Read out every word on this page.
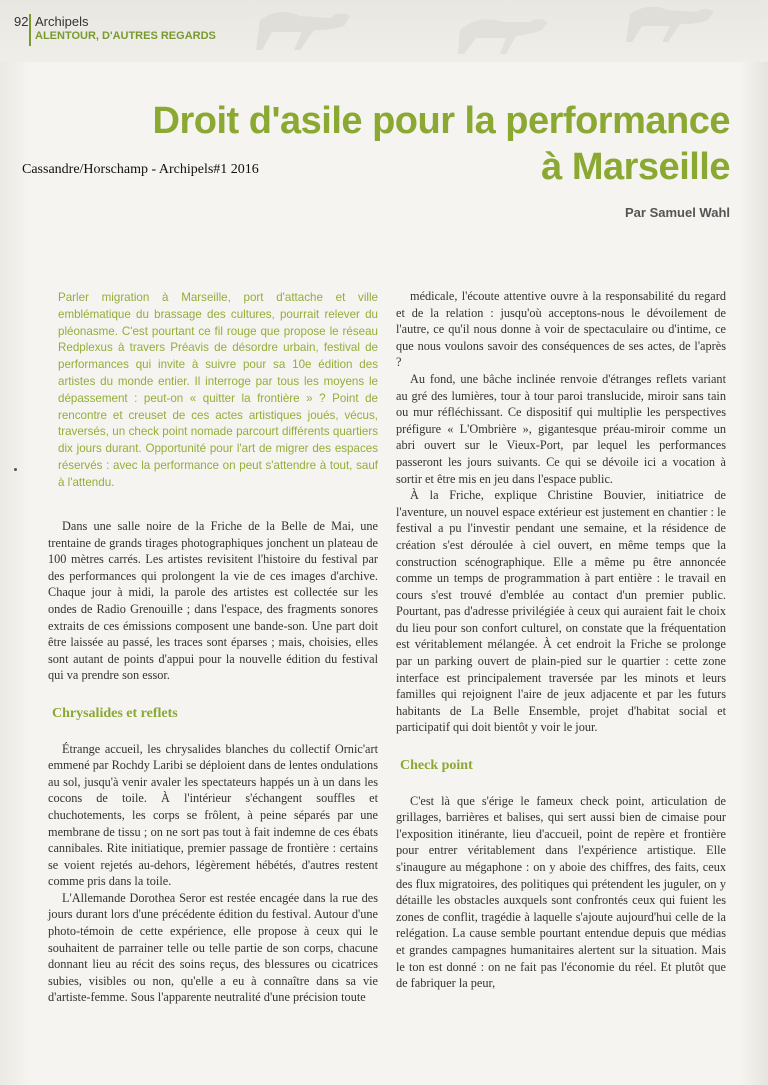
92 Archipels
ALENTOUR, D'AUTRES REGARDS
Droit d'asile pour la performance
à Marseille
Cassandre/Horschamp - Archipels#1 2016
Par Samuel Wahl
Parler migration à Marseille, port d'attache et ville emblématique du brassage des cultures, pourrait relever du pléonasme. C'est pourtant ce fil rouge que propose le réseau Redplexus à travers Préavis de désordre urbain, festival de performances qui invite à suivre pour sa 10e édition des artistes du monde entier. Il interroge par tous les moyens le dépassement : peut-on « quitter la frontière » ? Point de rencontre et creuset de ces actes artistiques joués, vécus, traversés, un check point nomade parcourt différents quartiers dix jours durant. Opportunité pour l'art de migrer des espaces réservés : avec la performance on peut s'attendre à tout, sauf à l'attendu.

Dans une salle noire de la Friche de la Belle de Mai, une trentaine de grands tirages photographiques jonchent un plateau de 100 mètres carrés. Les artistes revisitent l'histoire du festival par des performances qui prolongent la vie de ces images d'archive. Chaque jour à midi, la parole des artistes est collectée sur les ondes de Radio Grenouille ; dans l'espace, des fragments sonores extraits de ces émissions composent une bande-son. Une part doit être laissée au passé, les traces sont éparses ; mais, choisies, elles sont autant de points d'appui pour la nouvelle édition du festival qui va prendre son essor.

Chrysalides et reflets

Étrange accueil, les chrysalides blanches du collectif Ornic'art emmené par Rochdy Laribi se déploient dans de lentes ondulations au sol, jusqu'à venir avaler les spectateurs happés un à un dans les cocons de toile. À l'intérieur s'échangent souffles et chuchotements, les corps se frôlent, à peine séparés par une membrane de tissu ; on ne sort pas tout à fait indemne de ces ébats cannibales. Rite initiatique, premier passage de frontière : certains se voient rejetés au-dehors, légèrement hébétés, d'autres restent comme pris dans la toile.

L'Allemande Dorothea Seror est restée encagée dans la rue des jours durant lors d'une précédente édition du festival. Autour d'une photo-témoin de cette expérience, elle propose à ceux qui le souhaitent de parrainer telle ou telle partie de son corps, chacune donnant lieu au récit des soins reçus, des blessures ou cicatrices subies, visibles ou non, qu'elle a eu à connaître dans sa vie d'artiste-femme. Sous l'apparente neutralité d'une précision toute

médicale, l'écoute attentive ouvre à la responsabilité du regard et de la relation : jusqu'où acceptons-nous le dévoilement de l'autre, ce qu'il nous donne à voir de spectaculaire ou d'intime, ce que nous voulons savoir des conséquences de ses actes, de l'après ?

Au fond, une bâche inclinée renvoie d'étranges reflets variant au gré des lumières, tour à tour paroi translucide, miroir sans tain ou mur réfléchissant. Ce dispositif qui multiplie les perspectives préfigure « L'Ombrière », gigantesque préau-miroir comme un abri ouvert sur le Vieux-Port, par lequel les performances passeront les jours suivants. Ce qui se dévoile ici a vocation à sortir et être mis en jeu dans l'espace public.

À la Friche, explique Christine Bouvier, initiatrice de l'aventure, un nouvel espace extérieur est justement en chantier : le festival a pu l'investir pendant une semaine, et la résidence de création s'est déroulée à ciel ouvert, en même temps que la construction scénographique. Elle a même pu être annoncée comme un temps de programmation à part entière : le travail en cours s'est trouvé d'emblée au contact d'un premier public. Pourtant, pas d'adresse privilégiée à ceux qui auraient fait le choix du lieu pour son confort culturel, on constate que la fréquentation est véritablement mélangée. À cet endroit la Friche se prolonge par un parking ouvert de plain-pied sur le quartier : cette zone interface est principalement traversée par les minots et leurs familles qui rejoignent l'aire de jeux adjacente et par les futurs habitants de La Belle Ensemble, projet d'habitat social et participatif qui doit bientôt y voir le jour.

Check point

C'est là que s'érige le fameux check point, articulation de grillages, barrières et balises, qui sert aussi bien de cimaise pour l'exposition itinérante, lieu d'accueil, point de repère et frontière pour entrer véritablement dans l'expérience artistique. Elle s'inaugure au mégaphone : on y aboie des chiffres, des faits, ceux des flux migratoires, des politiques qui prétendent les juguler, on y détaille les obstacles auxquels sont confrontés ceux qui fuient les zones de conflit, tragédie à laquelle s'ajoute aujourd'hui celle de la relégation. La cause semble pourtant entendue depuis que médias et grandes campagnes humanitaires alertent sur la situation. Mais le ton est donné : on ne fait pas l'économie du réel. Et plutôt que de fabriquer la peur,
